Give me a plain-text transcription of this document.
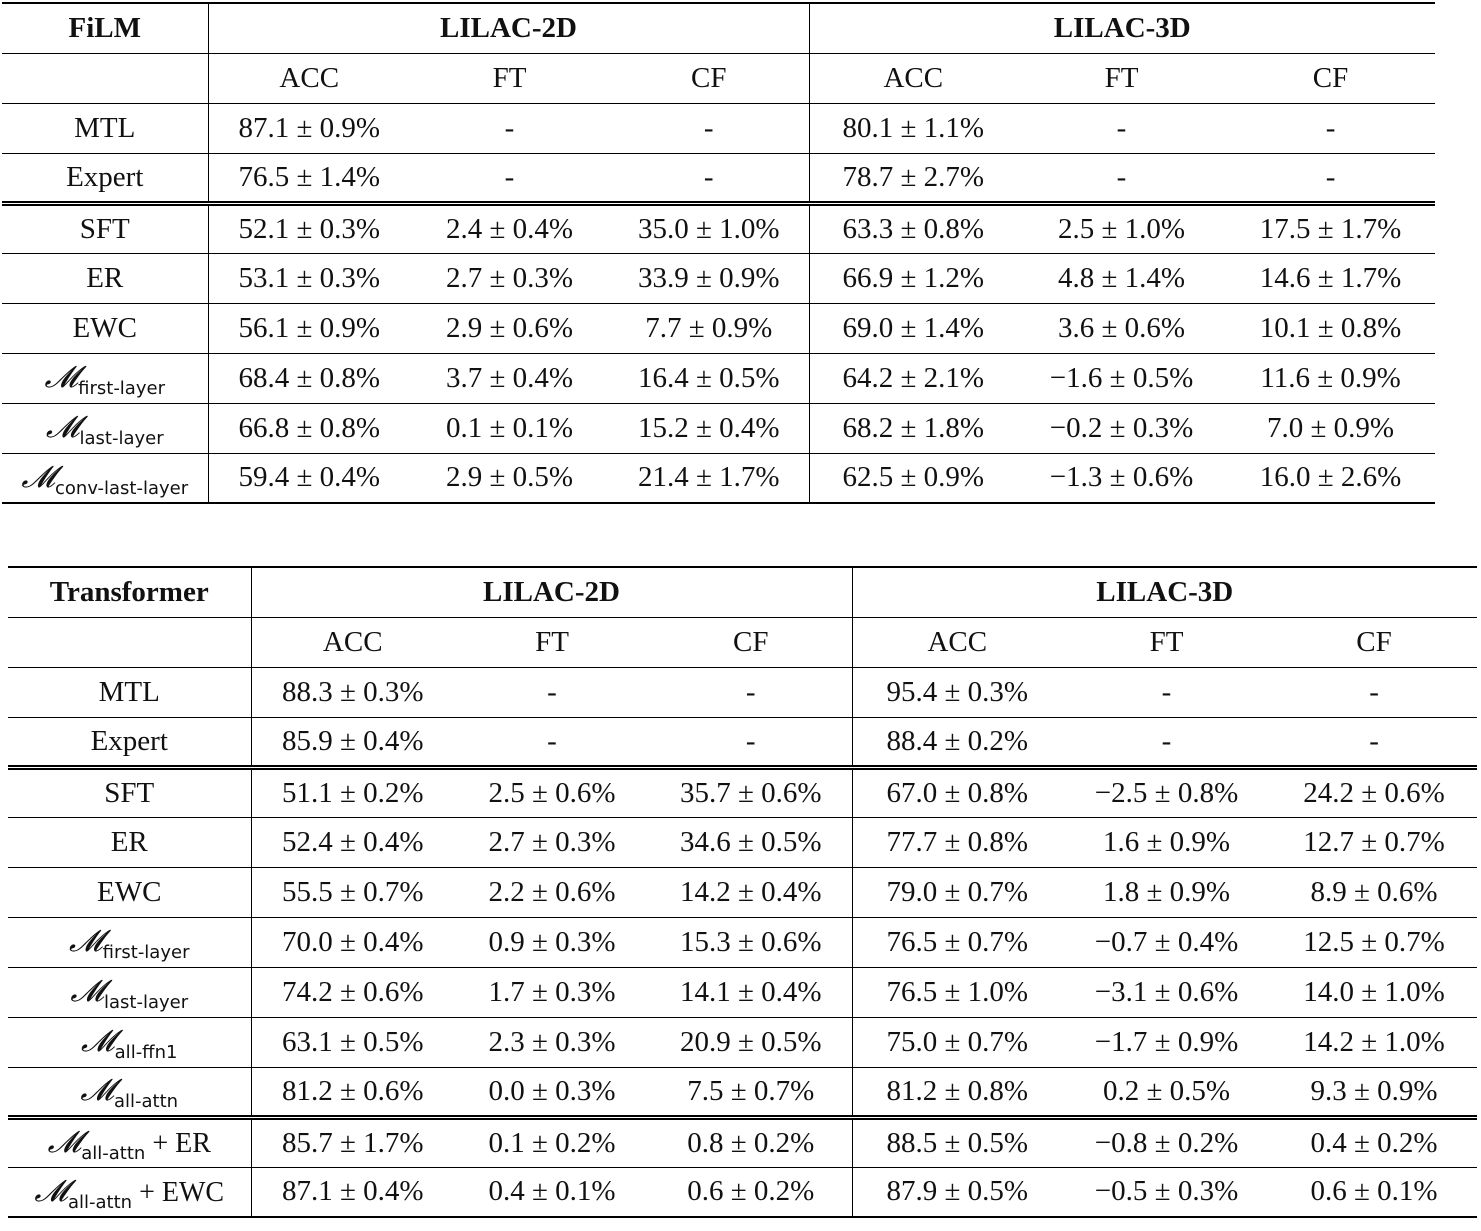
FiLM	LILAC-2D			LILAC-3D		
	ACC	FT	CF	ACC	FT	CF
MTL	87.1 ± 0.9%	-	-	80.1 ± 1.1%	-	-
Expert	76.5 ± 1.4%	-	-	78.7 ± 2.7%	-	-
SFT	52.1 ± 0.3%	2.4 ± 0.4%	35.0 ± 1.0%	63.3 ± 0.8%	2.5 ± 1.0%	17.5 ± 1.7%
ER	53.1 ± 0.3%	2.7 ± 0.3%	33.9 ± 0.9%	66.9 ± 1.2%	4.8 ± 1.4%	14.6 ± 1.7%
EWC	56.1 ± 0.9%	2.9 ± 0.6%	7.7 ± 0.9%	69.0 ± 1.4%	3.6 ± 0.6%	10.1 ± 0.8%
𝓜$_{first-layer}$	68.4 ± 0.8%	3.7 ± 0.4%	16.4 ± 0.5%	64.2 ± 2.1%	−1.6 ± 0.5%	11.6 ± 0.9%
𝓜$_{last-layer}$	66.8 ± 0.8%	0.1 ± 0.1%	15.2 ± 0.4%	68.2 ± 1.8%	−0.2 ± 0.3%	7.0 ± 0.9%
𝓜$_{conv-last-layer}$	59.4 ± 0.4%	2.9 ± 0.5%	21.4 ± 1.7%	62.5 ± 0.9%	−1.3 ± 0.6%	16.0 ± 2.6%
Transformer	LILAC-2D			LILAC-3D		
	ACC	FT	CF	ACC	FT	CF
MTL	88.3 ± 0.3%	-	-	95.4 ± 0.3%	-	-
Expert	85.9 ± 0.4%	-	-	88.4 ± 0.2%	-	-
SFT	51.1 ± 0.2%	2.5 ± 0.6%	35.7 ± 0.6%	67.0 ± 0.8%	−2.5 ± 0.8%	24.2 ± 0.6%
ER	52.4 ± 0.4%	2.7 ± 0.3%	34.6 ± 0.5%	77.7 ± 0.8%	1.6 ± 0.9%	12.7 ± 0.7%
EWC	55.5 ± 0.7%	2.2 ± 0.6%	14.2 ± 0.4%	79.0 ± 0.7%	1.8 ± 0.9%	8.9 ± 0.6%
𝓜$_{first-layer}$	70.0 ± 0.4%	0.9 ± 0.3%	15.3 ± 0.6%	76.5 ± 0.7%	−0.7 ± 0.4%	12.5 ± 0.7%
𝓜$_{last-layer}$	74.2 ± 0.6%	1.7 ± 0.3%	14.1 ± 0.4%	76.5 ± 1.0%	−3.1 ± 0.6%	14.0 ± 1.0%
𝓜$_{all-ffn1}$	63.1 ± 0.5%	2.3 ± 0.3%	20.9 ± 0.5%	75.0 ± 0.7%	−1.7 ± 0.9%	14.2 ± 1.0%
𝓜$_{all-attn}$	81.2 ± 0.6%	0.0 ± 0.3%	7.5 ± 0.7%	81.2 ± 0.8%	0.2 ± 0.5%	9.3 ± 0.9%
𝓜$_{all-attn}$ + ER	85.7 ± 1.7%	0.1 ± 0.2%	0.8 ± 0.2%	88.5 ± 0.5%	−0.8 ± 0.2%	0.4 ± 0.2%
𝓜$_{all-attn}$ + EWC	87.1 ± 0.4%	0.4 ± 0.1%	0.6 ± 0.2%	87.9 ± 0.5%	−0.5 ± 0.3%	0.6 ± 0.1%
